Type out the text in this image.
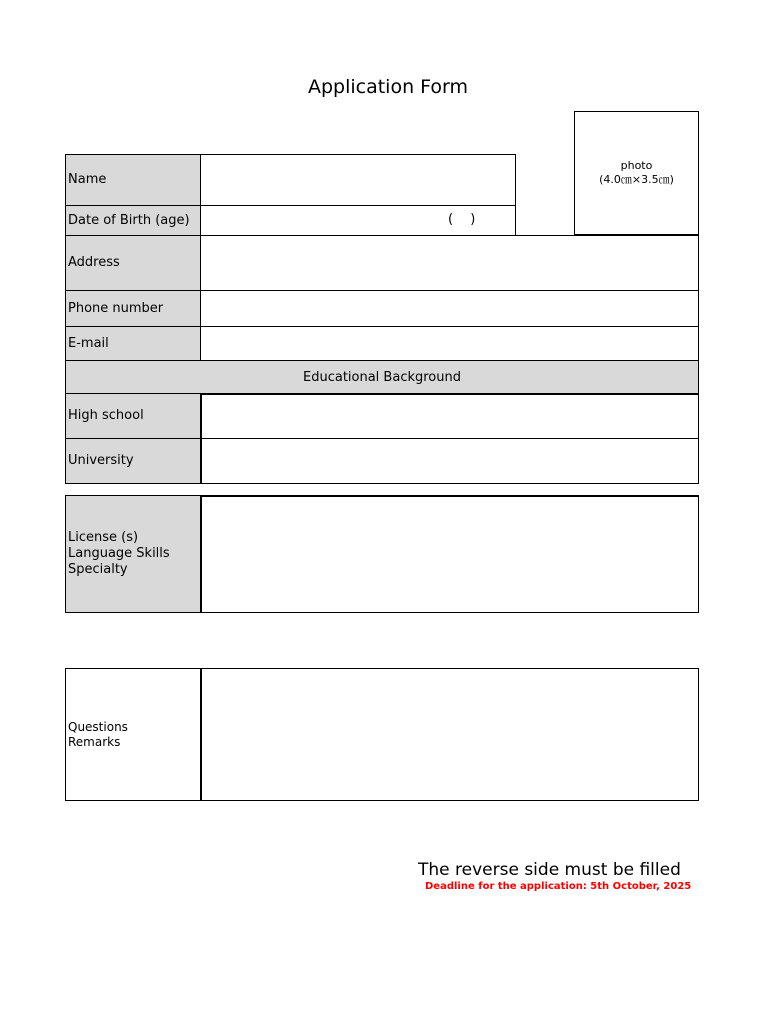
Application Form
photo
(4.0㎝×3.5㎝)
Name
Date of Birth (age)	(　 )
Address
Phone number
E-mail
Educational Background
High school
University
License (s)
Language Skills
Specialty
Questions
Remarks
The reverse side must be filled
Deadline for the application: 5th October, 2025
